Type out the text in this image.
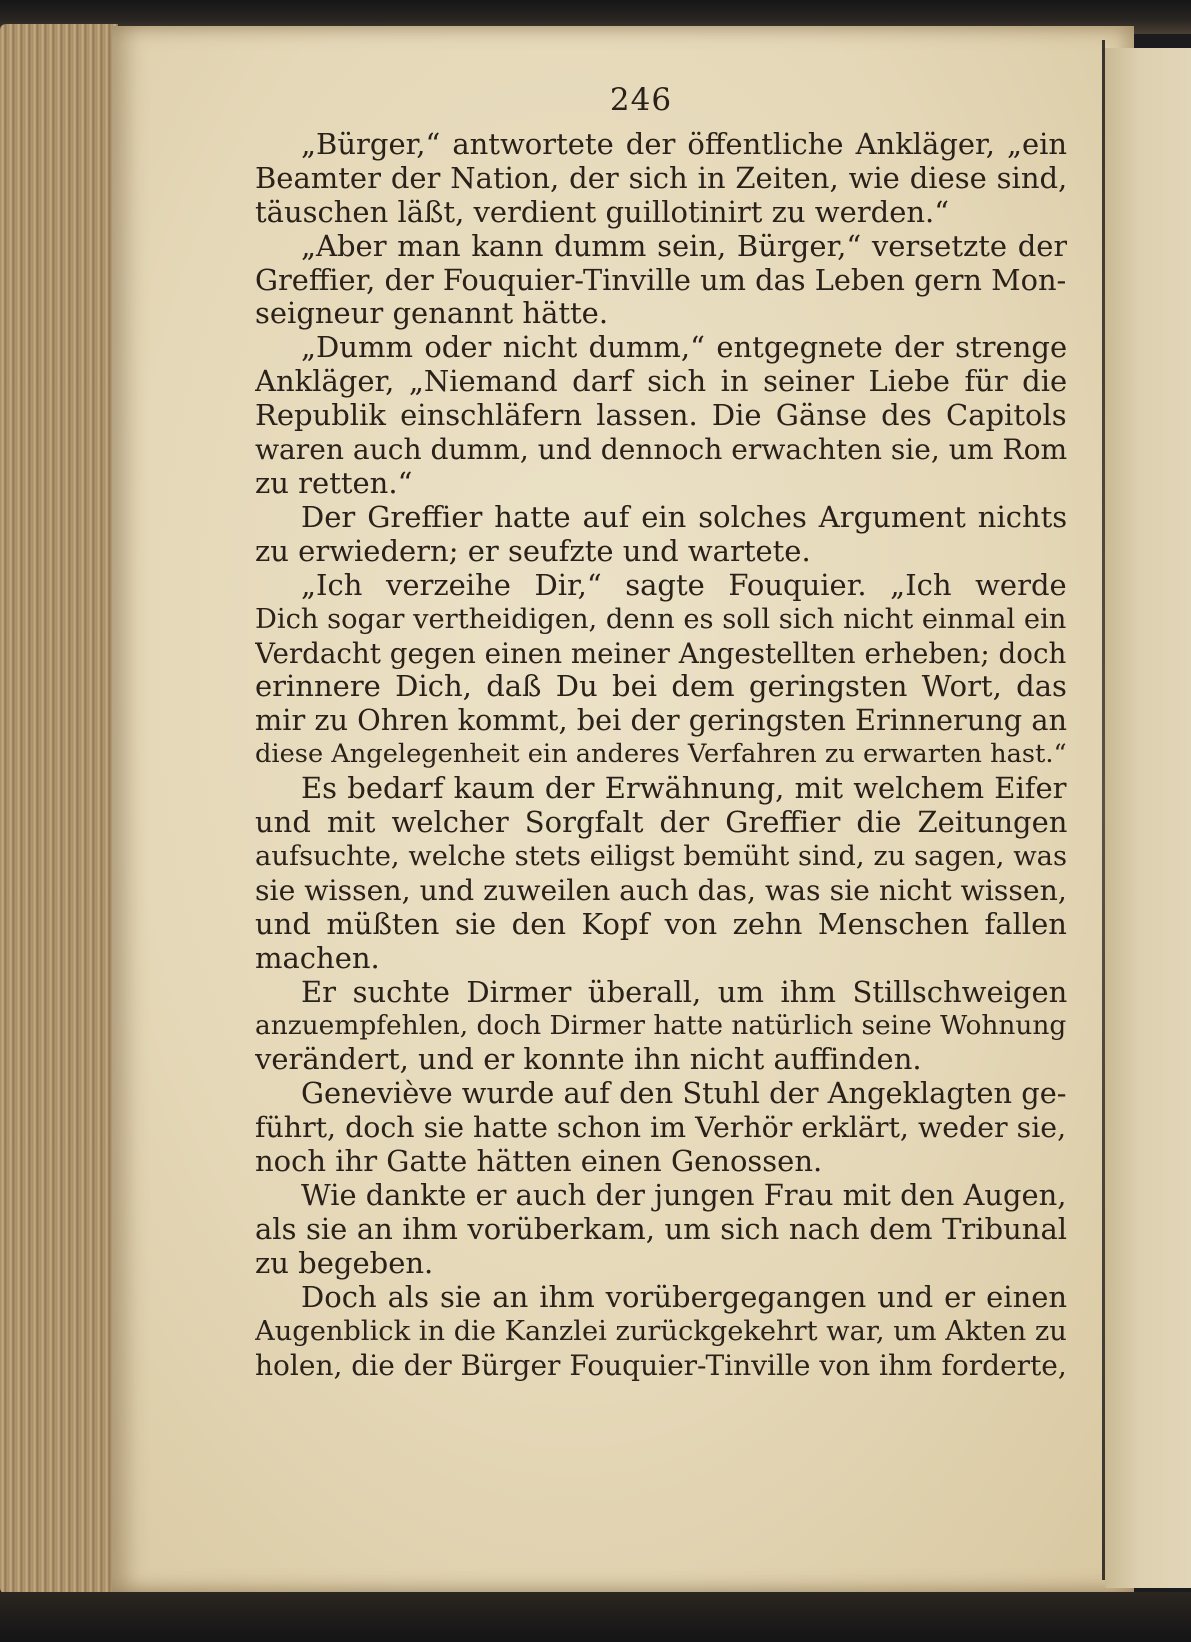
246

„Bürger,“ antwortete der öffentliche Ankläger, „ein
Beamter der Nation, der sich in Zeiten, wie diese sind,
täuschen läßt, verdient guillotinirt zu werden.“

„Aber man kann dumm sein, Bürger,“ versetzte der
Greffier, der Fouquier-Tinville um das Leben gern Mon-
seigneur genannt hätte.

„Dumm oder nicht dumm,“ entgegnete der strenge
Ankläger, „Niemand darf sich in seiner Liebe für die
Republik einschläfern lassen. Die Gänse des Capitols
waren auch dumm, und dennoch erwachten sie, um Rom
zu retten.“

Der Greffier hatte auf ein solches Argument nichts
zu erwiedern; er seufzte und wartete.

„Ich verzeihe Dir,“ sagte Fouquier. „Ich werde
Dich sogar vertheidigen, denn es soll sich nicht einmal ein
Verdacht gegen einen meiner Angestellten erheben; doch
erinnere Dich, daß Du bei dem geringsten Wort, das
mir zu Ohren kommt, bei der geringsten Erinnerung an
diese Angelegenheit ein anderes Verfahren zu erwarten hast.“

Es bedarf kaum der Erwähnung, mit welchem Eifer
und mit welcher Sorgfalt der Greffier die Zeitungen
aufsuchte, welche stets eiligst bemüht sind, zu sagen, was
sie wissen, und zuweilen auch das, was sie nicht wissen,
und müßten sie den Kopf von zehn Menschen fallen
machen.

Er suchte Dirmer überall, um ihm Stillschweigen
anzuempfehlen, doch Dirmer hatte natürlich seine Wohnung
verändert, und er konnte ihn nicht auffinden.

Geneviève wurde auf den Stuhl der Angeklagten ge-
führt, doch sie hatte schon im Verhör erklärt, weder sie,
noch ihr Gatte hätten einen Genossen.

Wie dankte er auch der jungen Frau mit den Augen,
als sie an ihm vorüberkam, um sich nach dem Tribunal
zu begeben.

Doch als sie an ihm vorübergegangen und er einen
Augenblick in die Kanzlei zurückgekehrt war, um Akten zu
holen, die der Bürger Fouquier-Tinville von ihm forderte,
